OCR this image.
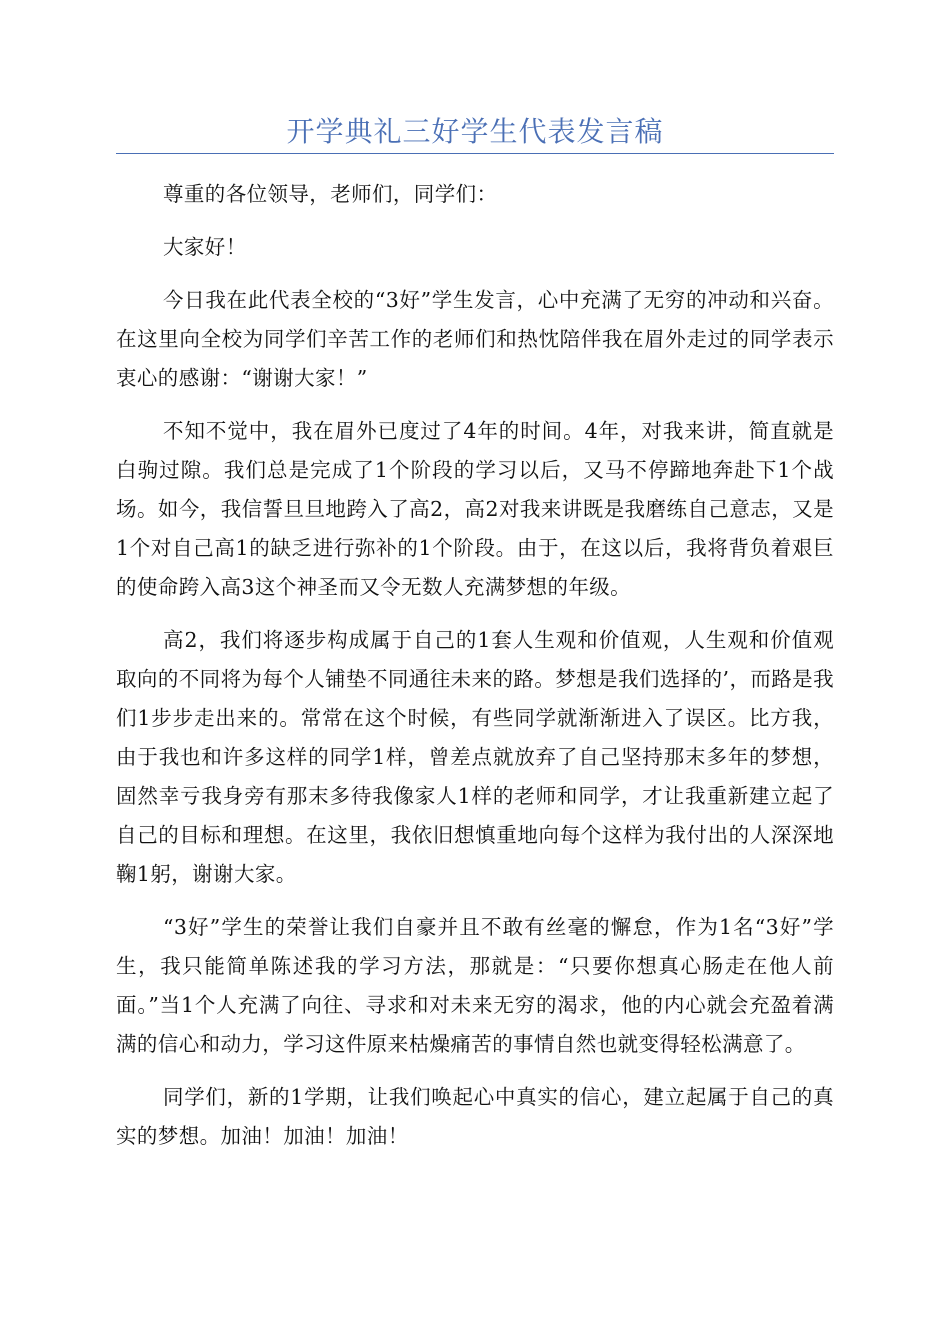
开学典礼三好学生代表发言稿

尊重的各位领导，老师们，同学们：

大家好！

今日我在此代表全校的“3好”学生发言，心中充满了无穷的冲动和兴奋。在这里向全校为同学们辛苦工作的老师们和热忱陪伴我在眉外走过的同学表示衷心的感谢：“谢谢大家！”

不知不觉中，我在眉外已度过了4年的时间。4年，对我来讲，简直就是白驹过隙。我们总是完成了1个阶段的学习以后，又马不停蹄地奔赴下1个战场。如今，我信誓旦旦地跨入了高2，高2对我来讲既是我磨练自己意志，又是1个对自己高1的缺乏进行弥补的1个阶段。由于，在这以后，我将背负着艰巨的使命跨入高3这个神圣而又令无数人充满梦想的年级。

高2，我们将逐步构成属于自己的1套人生观和价值观，人生观和价值观取向的不同将为每个人铺垫不同通往未来的路。梦想是我们选择的’，而路是我们1步步走出来的。常常在这个时候，有些同学就渐渐进入了误区。比方我，由于我也和许多这样的同学1样，曾差点就放弃了自己坚持那末多年的梦想，固然幸亏我身旁有那末多待我像家人1样的老师和同学，才让我重新建立起了自己的目标和理想。在这里，我依旧想慎重地向每个这样为我付出的人深深地鞠1躬，谢谢大家。

“3好”学生的荣誉让我们自豪并且不敢有丝毫的懈怠，作为1名“3好”学生，我只能简单陈述我的学习方法，那就是：“只要你想真心肠走在他人前面。”当1个人充满了向往、寻求和对未来无穷的渴求，他的内心就会充盈着满满的信心和动力，学习这件原来枯燥痛苦的事情自然也就变得轻松满意了。

同学们，新的1学期，让我们唤起心中真实的信心，建立起属于自己的真实的梦想。加油！加油！加油！
